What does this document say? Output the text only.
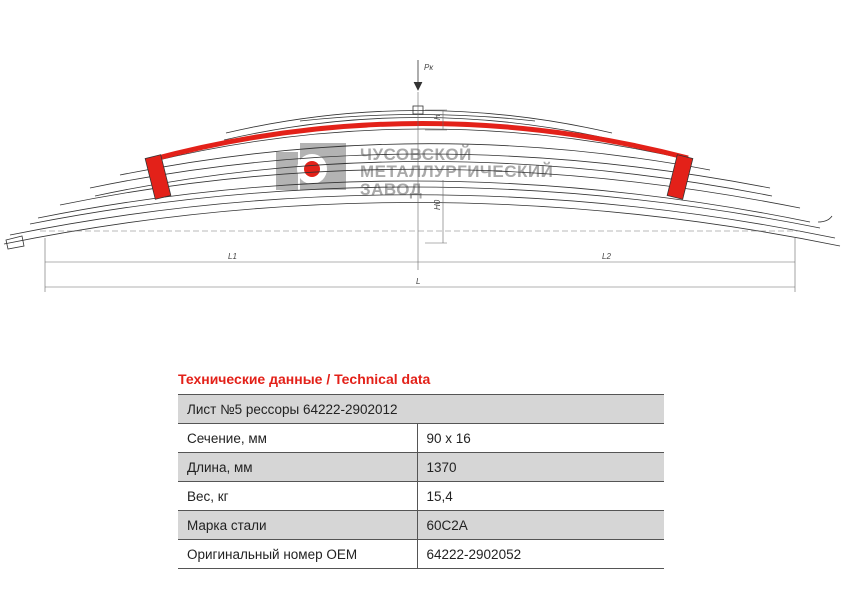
ЧУСОВСКОЙ
МЕТАЛЛУРГИЧЕСКИЙ
ЗАВОД
Pк
H
H0
L1	L2
L
Технические данные / Technical data
Лист №5 рессоры 64222-2902012	
Сечение, мм	90 x 16
Длина, мм	1370
Вес, кг	15,4
Марка стали	60С2А
Оригинальный номер OEM	64222-2902052
